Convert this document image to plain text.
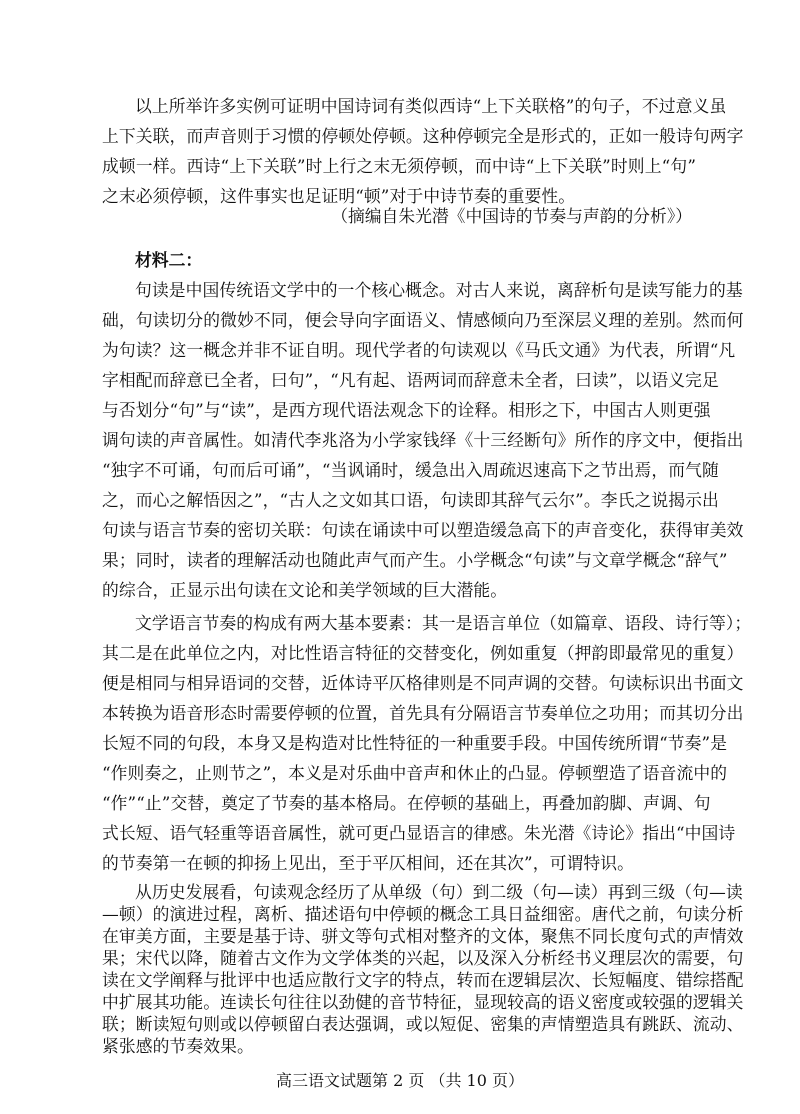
以上所举许多实例可证明中国诗词有类似西诗“上下关联格”的句子，不过意义虽
上下关联，而声音则于习惯的停顿处停顿。这种停顿完全是形式的，正如一般诗句两字
成顿一样。西诗“上下关联”时上行之末无须停顿，而中诗“上下关联”时则上“句”
之末必须停顿，这件事实也足证明“顿”对于中诗节奏的重要性。
（摘编自朱光潜《中国诗的节奏与声韵的分析》）
材料二：
句读是中国传统语文学中的一个核心概念。对古人来说，离辞析句是读写能力的基
础，句读切分的微妙不同，便会导向字面语义、情感倾向乃至深层义理的差别。然而何
为句读？这一概念并非不证自明。现代学者的句读观以《马氏文通》为代表，所谓“凡
字相配而辞意已全者，曰句”，“凡有起、语两词而辞意未全者，曰读”，以语义完足
与否划分“句”与“读”，是西方现代语法观念下的诠释。相形之下，中国古人则更强
调句读的声音属性。如清代李兆洛为小学家钱绎《十三经断句》所作的序文中，便指出
“独字不可诵，句而后可诵”，“当讽诵时，缓急出入周疏迟速高下之节出焉，而气随
之，而心之解悟因之”，“古人之文如其口语，句读即其辞气云尔”。李氏之说揭示出
句读与语言节奏的密切关联：句读在诵读中可以塑造缓急高下的声音变化，获得审美效
果；同时，读者的理解活动也随此声气而产生。小学概念“句读”与文章学概念“辞气”
的综合，正显示出句读在文论和美学领域的巨大潜能。
文学语言节奏的构成有两大基本要素：其一是语言单位（如篇章、语段、诗行等）；
其二是在此单位之内，对比性语言特征的交替变化，例如重复（押韵即最常见的重复）
便是相同与相异语词的交替，近体诗平仄格律则是不同声调的交替。句读标识出书面文
本转换为语音形态时需要停顿的位置，首先具有分隔语言节奏单位之功用；而其切分出
长短不同的句段，本身又是构造对比性特征的一种重要手段。中国传统所谓“节奏”是
“作则奏之，止则节之”，本义是对乐曲中音声和休止的凸显。停顿塑造了语音流中的
“作”“止”交替，奠定了节奏的基本格局。在停顿的基础上，再叠加韵脚、声调、句
式长短、语气轻重等语音属性，就可更凸显语言的律感。朱光潜《诗论》指出“中国诗
的节奏第一在顿的抑扬上见出，至于平仄相间，还在其次”，可谓特识。
从历史发展看，句读观念经历了从单级（句）到二级（句—读）再到三级（句—读
—顿）的演进过程，离析、描述语句中停顿的概念工具日益细密。唐代之前，句读分析
在审美方面，主要是基于诗、骈文等句式相对整齐的文体，聚焦不同长度句式的声情效
果；宋代以降，随着古文作为文学体类的兴起，以及深入分析经书义理层次的需要，句
读在文学阐释与批评中也适应散行文字的特点，转而在逻辑层次、长短幅度、错综搭配
中扩展其功能。连读长句往往以劲健的音节特征，显现较高的语义密度或较强的逻辑关
联；断读短句则或以停顿留白表达强调，或以短促、密集的声情塑造具有跳跃、流动、
紧张感的节奏效果。
高三语文试题第 2 页 （共 10 页）
